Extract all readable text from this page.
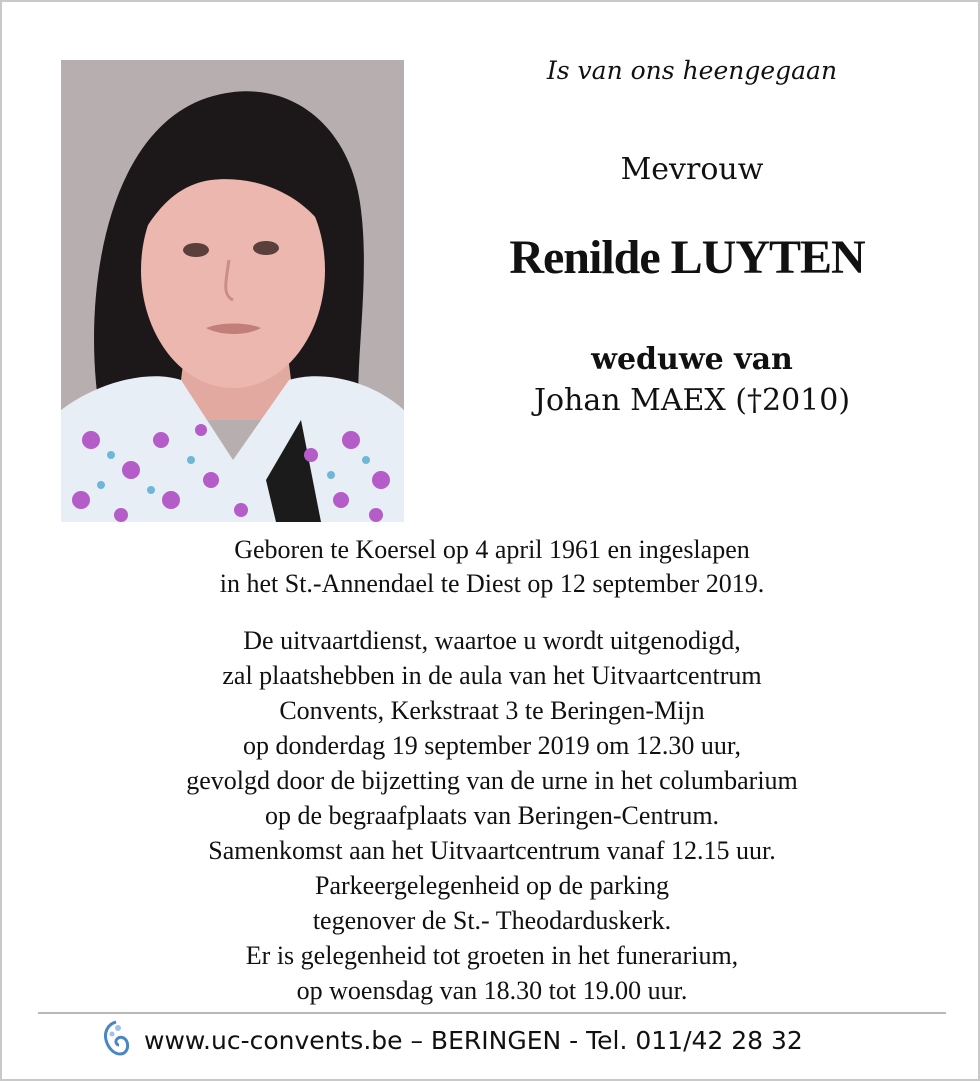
Is van ons heengegaan
Mevrouw
Renilde LUYTEN
weduwe van
Johan MAEX (†2010)
Geboren te Koersel op 4 april 1961 en ingeslapen
in het St.-Annendael te Diest op 12 september 2019.
De uitvaartdienst, waartoe u wordt uitgenodigd,
zal plaatshebben in de aula van het Uitvaartcentrum
Convents, Kerkstraat 3 te Beringen-Mijn
op donderdag 19 september 2019 om 12.30 uur,
gevolgd door de bijzetting van de urne in het columbarium
op de begraafplaats van Beringen-Centrum.
Samenkomst aan het Uitvaartcentrum vanaf 12.15 uur.
Parkeergelegenheid op de parking
tegenover de St.- Theodarduskerk.
Er is gelegenheid tot groeten in het funerarium,
op woensdag van 18.30 tot 19.00 uur.
www.uc-convents.be – BERINGEN - Tel. 011/42 28 32
